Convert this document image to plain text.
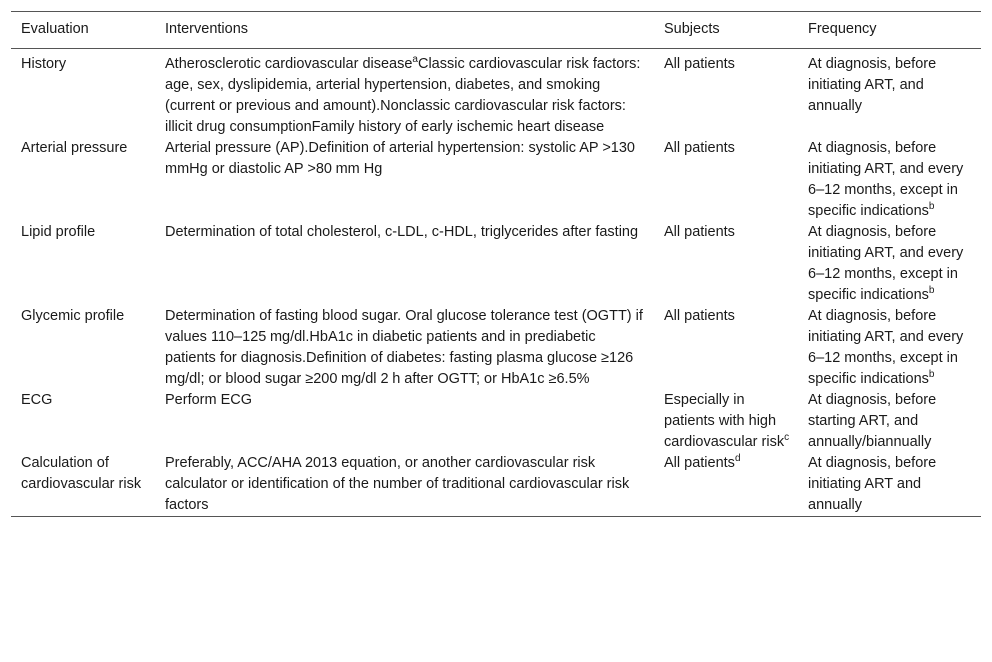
Evaluation	Interventions	Subjects	Frequency
History	Atherosclerotic cardiovascular disease$^a$Classic cardiovascular risk factors: age, sex, dyslipidemia, arterial hypertension, diabetes, and smoking (current or previous and amount).Nonclassic cardiovascular risk factors: illicit drug consumptionFamily history of early ischemic heart disease	All patients	At diagnosis, before initiating ART, and annually
Arterial pressure	Arterial pressure (AP).Definition of arterial hypertension: systolic AP >130 mmHg or diastolic AP >80 mm Hg	All patients	At diagnosis, before initiating ART, and every 6–12 months, except in specific indications$^b$
Lipid profile	Determination of total cholesterol, c-LDL, c-HDL, triglycerides after fasting	All patients	At diagnosis, before initiating ART, and every 6–12 months, except in specific indications$^b$
Glycemic profile	Determination of fasting blood sugar. Oral glucose tolerance test (OGTT) if values 110–125 mg/dl.HbA1c in diabetic patients and in prediabetic patients for diagnosis.Definition of diabetes: fasting plasma glucose ≥126 mg/dl; or blood sugar ≥200 mg/dl 2 h after OGTT; or HbA1c ≥6.5%	All patients	At diagnosis, before initiating ART, and every 6–12 months, except in specific indications$^b$
ECG	Perform ECG	Especially in patients with high cardiovascular risk$^c$	At diagnosis, before starting ART, and annually/biannually
Calculation of cardiovascular risk	Preferably, ACC/AHA 2013 equation, or another cardiovascular risk calculator or identification of the number of traditional cardiovascular risk factors	All patients$^d$	At diagnosis, before initiating ART and annually
